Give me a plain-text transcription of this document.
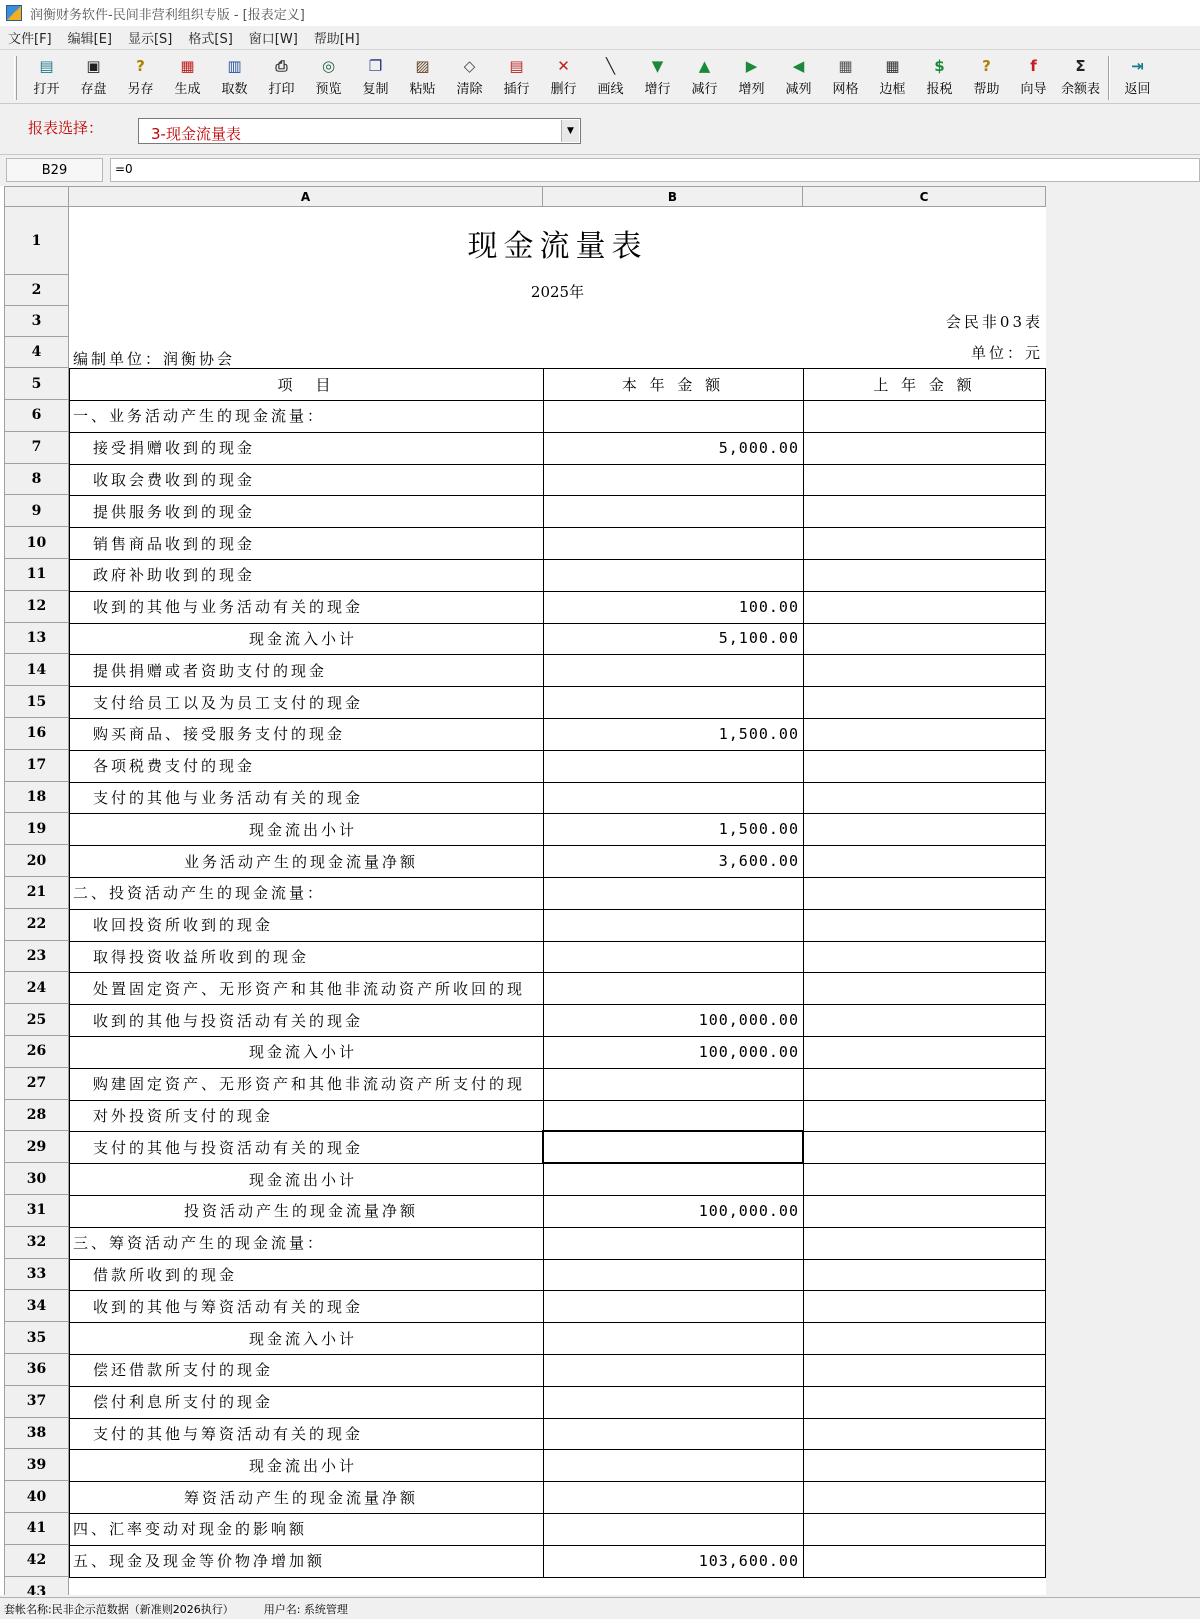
润衡财务软件-民间非营利组织专版 - [报表定义]
文件[F]	编辑[E]	显示[S]	格式[S]	窗口[W]	帮助[H]
▤
打开
▣
存盘
?
另存
▦
生成
▥
取数
⎙
打印
◎
预览
❐
复制
▨
粘贴
◇
清除
▤
插行
✕
删行
╲
画线
▼
增行
▲
减行
▶
增列
◀
减列
▦
网格
▦
边框
$
报税
?
帮助
f
向导
Σ
余额表
⇥
返回
报表选择：	3-现金流量表	▼
B29	=0
A	B	C
1
2
3
4
5
6
7
8
9
10
11
12
13
14
15
16
17
18
19
20
21
22
23
24
25
26
27
28
29
30
31
32
33
34
35
36
37
38
39
40
41
42
43
现金流量表
2025年
会民非03表
编制单位：润衡协会	单位：元
项　目	本 年 金 额	上 年 金 额
一、业务活动产生的现金流量：
接受捐赠收到的现金	5,000.00
收取会费收到的现金
提供服务收到的现金
销售商品收到的现金
政府补助收到的现金
收到的其他与业务活动有关的现金	100.00
现金流入小计	5,100.00
提供捐赠或者资助支付的现金
支付给员工以及为员工支付的现金
购买商品、接受服务支付的现金	1,500.00
各项税费支付的现金
支付的其他与业务活动有关的现金
现金流出小计	1,500.00
业务活动产生的现金流量净额	3,600.00
二、投资活动产生的现金流量：
收回投资所收到的现金
取得投资收益所收到的现金
处置固定资产、无形资产和其他非流动资产所收回的现
收到的其他与投资活动有关的现金	100,000.00
现金流入小计	100,000.00
购建固定资产、无形资产和其他非流动资产所支付的现
对外投资所支付的现金
支付的其他与投资活动有关的现金
现金流出小计
投资活动产生的现金流量净额	100,000.00
三、筹资活动产生的现金流量：
借款所收到的现金
收到的其他与筹资活动有关的现金
现金流入小计
偿还借款所支付的现金
偿付利息所支付的现金
支付的其他与筹资活动有关的现金
现金流出小计
筹资活动产生的现金流量净额
四、汇率变动对现金的影响额
五、现金及现金等价物净增加额	103,600.00
套帐名称:民非企示范数据（新准则2026执行）	用户名: 系统管理
